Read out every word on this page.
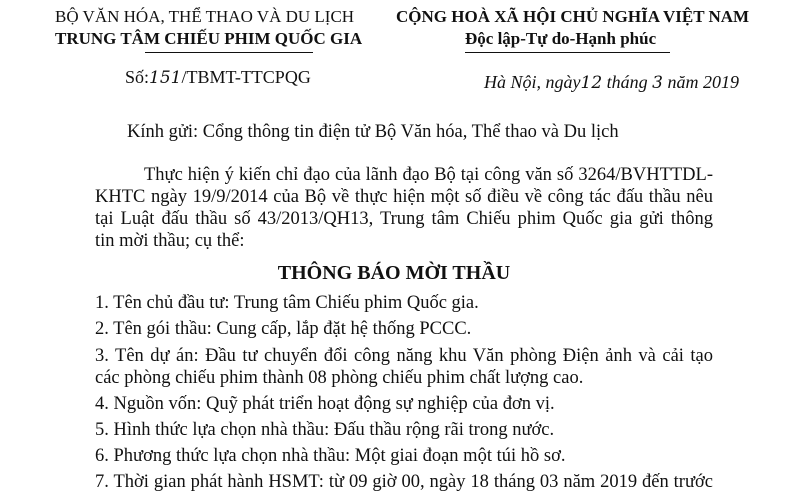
BỘ VĂN HÓA, THỂ THAO VÀ DU LỊCH
TRUNG TÂM CHIẾU PHIM QUỐC GIA
Số:151/TBMT-TTCPQG
CỘNG HOÀ XÃ HỘI CHỦ NGHĨA VIỆT NAM
Độc lập-Tự do-Hạnh phúc
Hà Nội, ngày12 tháng 3 năm 2019
Kính gửi: Cổng thông tin điện tử Bộ Văn hóa, Thể thao và Du lịch
Thực hiện ý kiến chỉ đạo của lãnh đạo Bộ tại công văn số 3264/BVHTTDL-
KHTC ngày 19/9/2014 của Bộ về thực hiện một số điều về công tác đấu thầu nêu
tại Luật đấu thầu số 43/2013/QH13, Trung tâm Chiếu phim Quốc gia gửi thông
tin mời thầu; cụ thể:
THÔNG BÁO MỜI THẦU
1. Tên chủ đầu tư: Trung tâm Chiếu phim Quốc gia.
2. Tên gói thầu: Cung cấp, lắp đặt hệ thống PCCC.
3. Tên dự án: Đầu tư chuyển đổi công năng khu Văn phòng Điện ảnh và cải tạo
các phòng chiếu phim thành 08 phòng chiếu phim chất lượng cao.
4. Nguồn vốn: Quỹ phát triển hoạt động sự nghiệp của đơn vị.
5. Hình thức lựa chọn nhà thầu: Đấu thầu rộng rãi trong nước.
6. Phương thức lựa chọn nhà thầu: Một giai đoạn một túi hồ sơ.
7. Thời gian phát hành HSMT: từ 09 giờ 00, ngày 18 tháng 03 năm 2019 đến trước
